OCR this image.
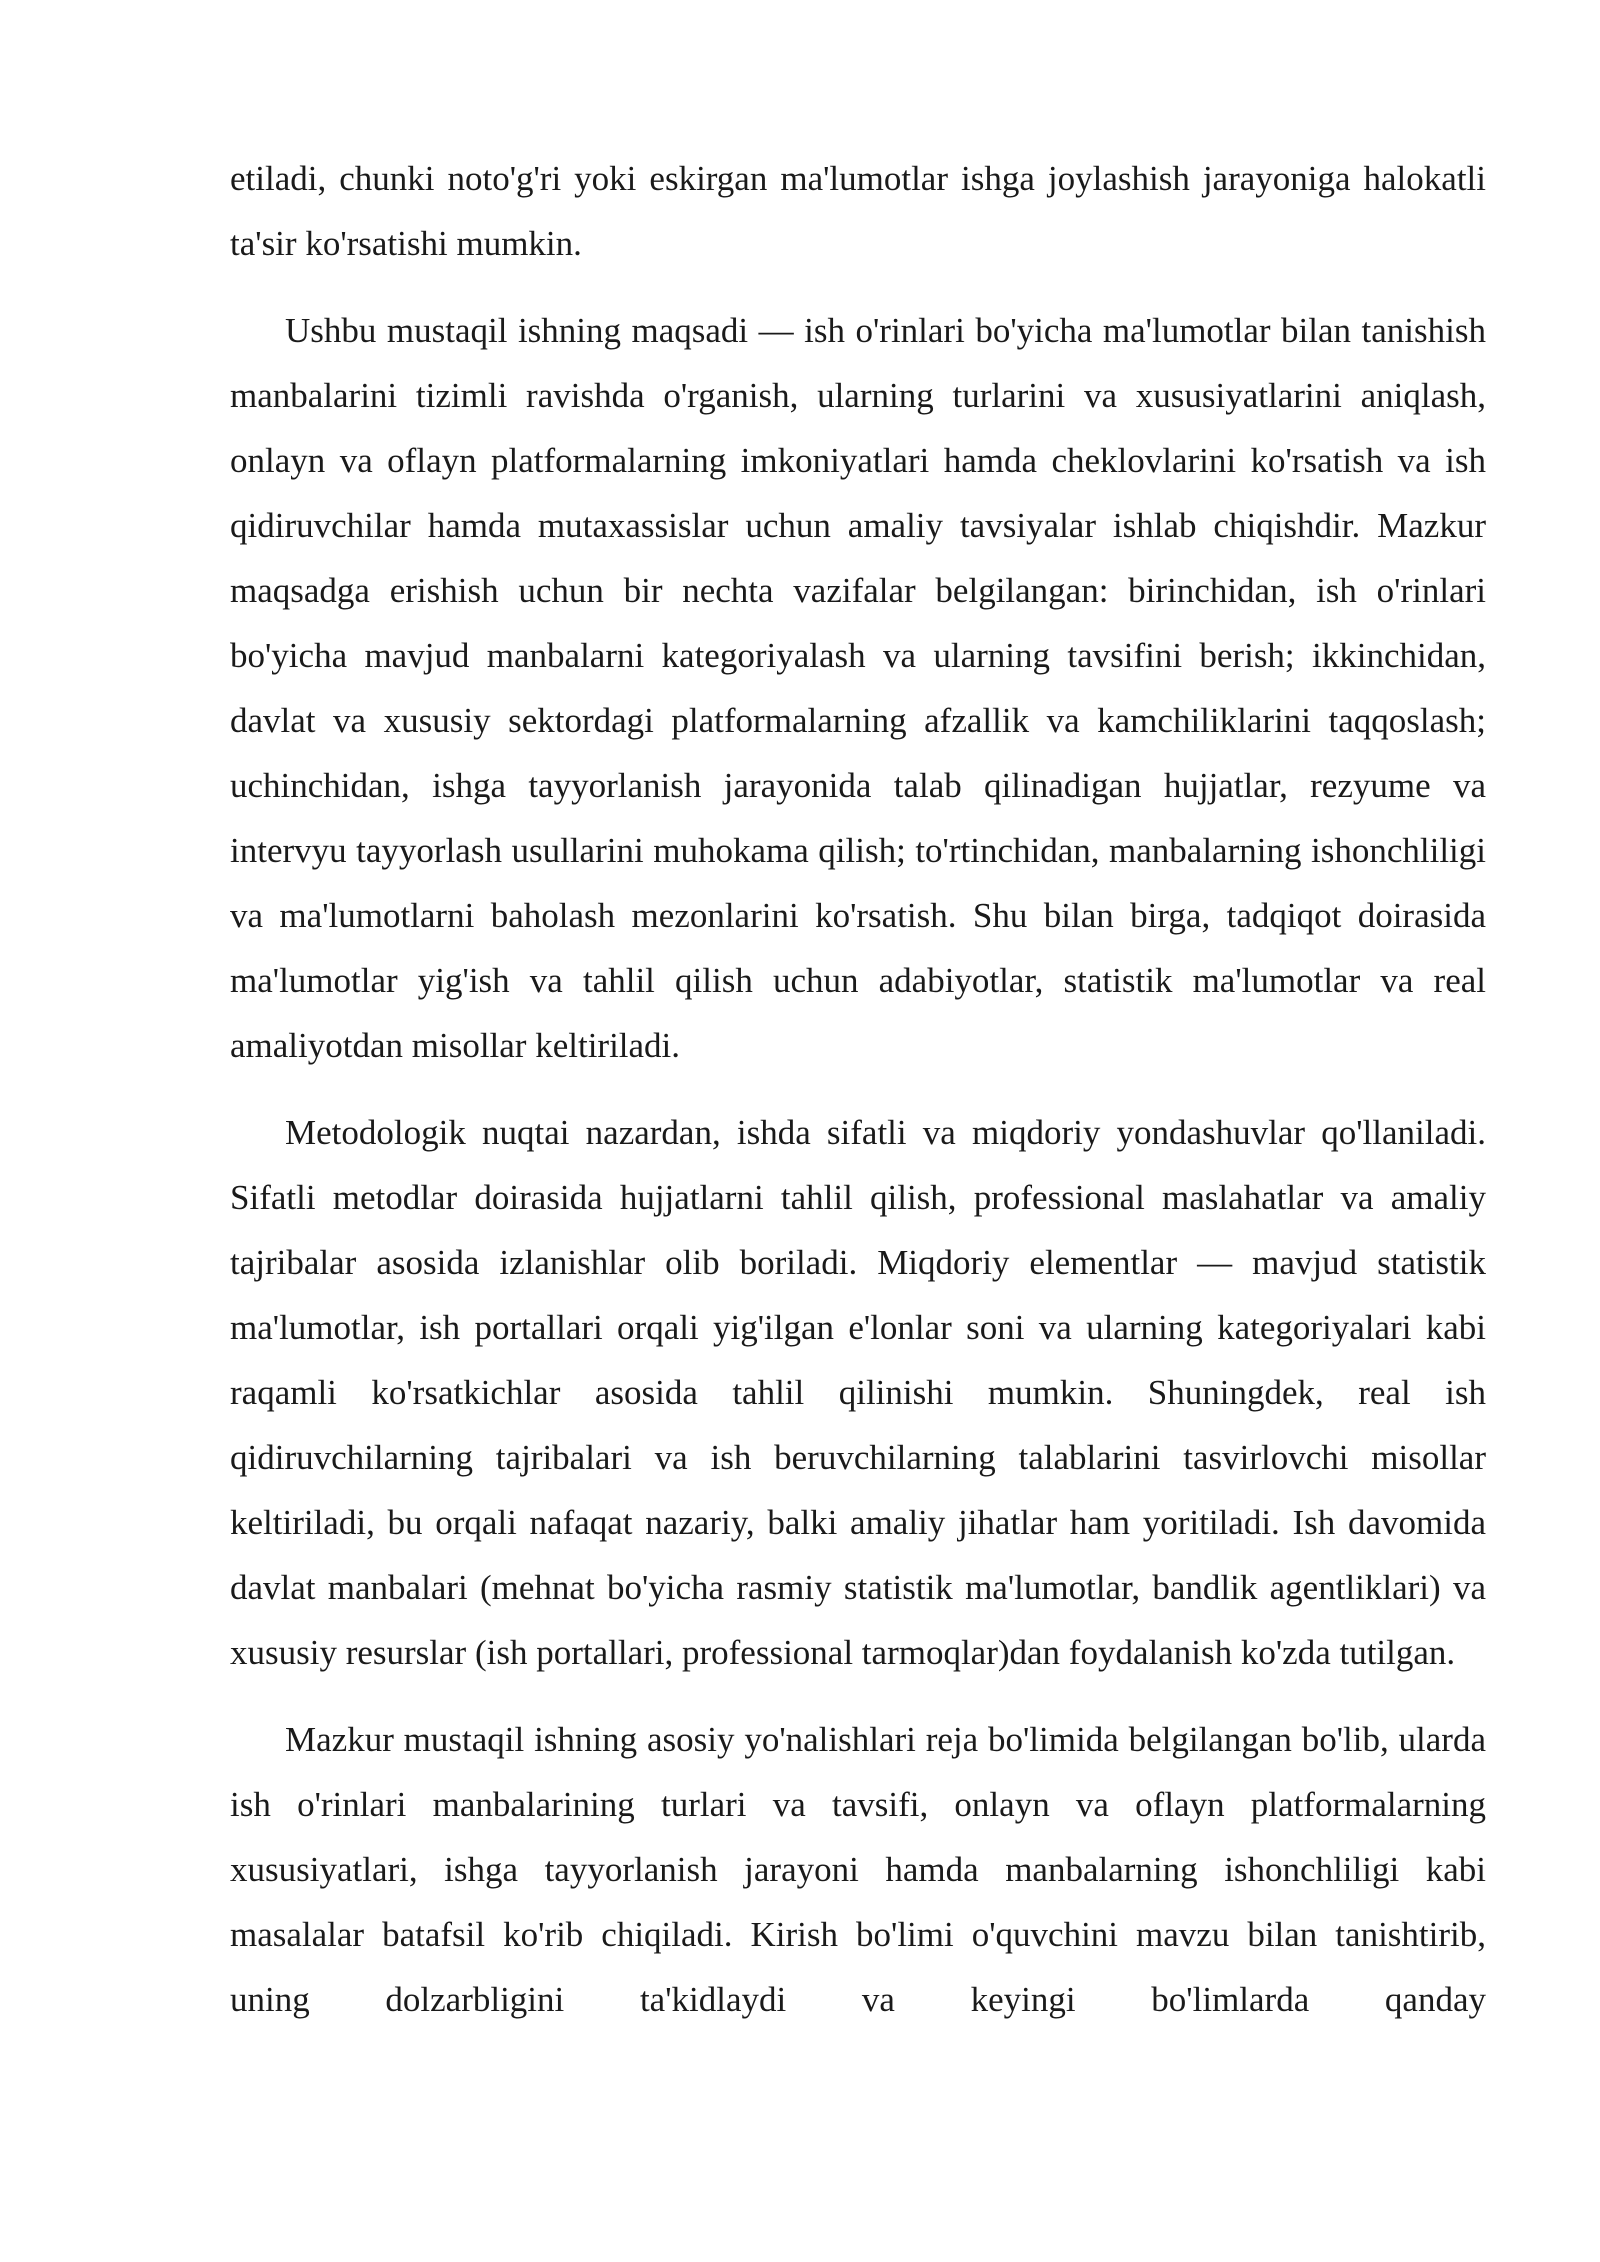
etiladi, chunki noto'g'ri yoki eskirgan ma'lumotlar ishga joylashish jarayoniga halokatli ta'sir ko'rsatishi mumkin.

Ushbu mustaqil ishning maqsadi — ish o'rinlari bo'yicha ma'lumotlar bilan tanishish manbalarini tizimli ravishda o'rganish, ularning turlarini va xususiyatlarini aniqlash, onlayn va oflayn platformalarning imkoniyatlari hamda cheklovlarini ko'rsatish va ish qidiruvchilar hamda mutaxassislar uchun amaliy tavsiyalar ishlab chiqishdir. Mazkur maqsadga erishish uchun bir nechta vazifalar belgilangan: birinchidan, ish o'rinlari bo'yicha mavjud manbalarni kategoriyalash va ularning tavsifini berish; ikkinchidan, davlat va xususiy sektordagi platformalarning afzallik va kamchiliklarini taqqoslash; uchinchidan, ishga tayyorlanish jarayonida talab qilinadigan hujjatlar, rezyume va intervyu tayyorlash usullarini muhokama qilish; to'rtinchidan, manbalarning ishonchliligi va ma'lumotlarni baholash mezonlarini ko'rsatish. Shu bilan birga, tadqiqot doirasida ma'lumotlar yig'ish va tahlil qilish uchun adabiyotlar, statistik ma'lumotlar va real amaliyotdan misollar keltiriladi.

Metodologik nuqtai nazardan, ishda sifatli va miqdoriy yondashuvlar qo'llaniladi. Sifatli metodlar doirasida hujjatlarni tahlil qilish, professional maslahatlar va amaliy tajribalar asosida izlanishlar olib boriladi. Miqdoriy elementlar — mavjud statistik ma'lumotlar, ish portallari orqali yig'ilgan e'lonlar soni va ularning kategoriyalari kabi raqamli ko'rsatkichlar asosida tahlil qilinishi mumkin. Shuningdek, real ish qidiruvchilarning tajribalari va ish beruvchilarning talablarini tasvirlovchi misollar keltiriladi, bu orqali nafaqat nazariy, balki amaliy jihatlar ham yoritiladi. Ish davomida davlat manbalari (mehnat bo'yicha rasmiy statistik ma'lumotlar, bandlik agentliklari) va xususiy resurslar (ish portallari, professional tarmoqlar)dan foydalanish ko'zda tutilgan.

Mazkur mustaqil ishning asosiy yo'nalishlari reja bo'limida belgilangan bo'lib, ularda ish o'rinlari manbalarining turlari va tavsifi, onlayn va oflayn platformalarning xususiyatlari, ishga tayyorlanish jarayoni hamda manbalarning ishonchliligi kabi masalalar batafsil ko'rib chiqiladi. Kirish bo'limi o'quvchini mavzu bilan tanishtirib, uning dolzarbligini ta'kidlaydi va keyingi bo'limlarda qanday
